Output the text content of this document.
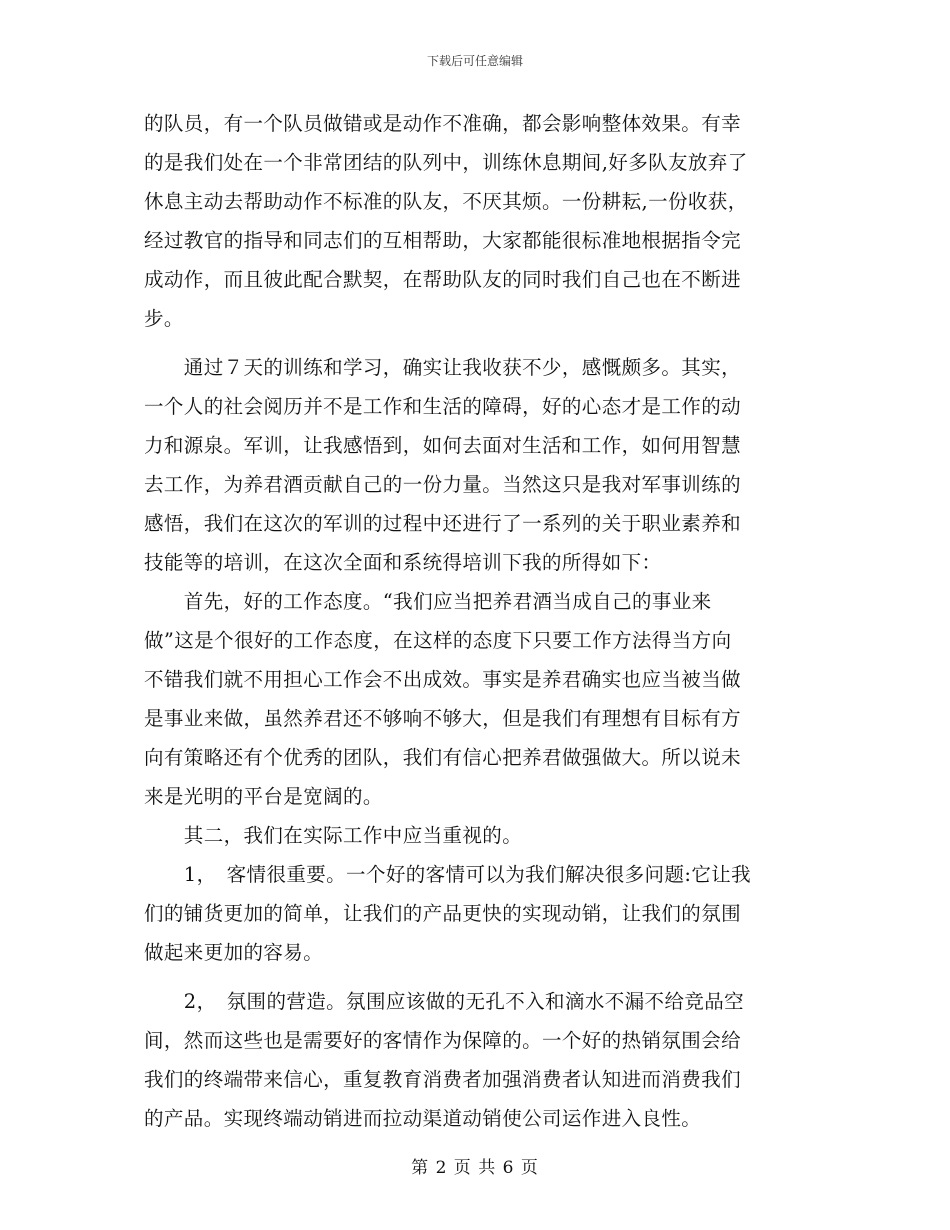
下载后可任意编辑
的队员，有一个队员做错或是动作不准确，都会影响整体效果。有幸
的是我们处在一个非常团结的队列中，训练休息期间,好多队友放弃了
休息主动去帮助动作不标准的队友，不厌其烦。一份耕耘,一份收获，
经过教官的指导和同志们的互相帮助，大家都能很标准地根据指令完
成动作，而且彼此配合默契，在帮助队友的同时我们自己也在不断进
步。
　　通过７天的训练和学习，确实让我收获不少，感慨颇多。其实，
一个人的社会阅历并不是工作和生活的障碍，好的心态才是工作的动
力和源泉。军训，让我感悟到，如何去面对生活和工作，如何用智慧
去工作，为养君酒贡献自己的一份力量。当然这只是我对军事训练的
感悟，我们在这次的军训的过程中还进行了一系列的关于职业素养和
技能等的培训，在这次全面和系统得培训下我的所得如下：
　　首先，好的工作态度。“我们应当把养君酒当成自己的事业来
做”这是个很好的工作态度，在这样的态度下只要工作方法得当方向
不错我们就不用担心工作会不出成效。事实是养君确实也应当被当做
是事业来做，虽然养君还不够响不够大，但是我们有理想有目标有方
向有策略还有个优秀的团队，我们有信心把养君做强做大。所以说未
来是光明的平台是宽阔的。
　　其二，我们在实际工作中应当重视的。
　　1，　客情很重要。一个好的客情可以为我们解决很多问题:它让我
们的铺货更加的简单，让我们的产品更快的实现动销，让我们的氛围
做起来更加的容易。
　　2，　氛围的营造。氛围应该做的无孔不入和滴水不漏不给竞品空
间，然而这些也是需要好的客情作为保障的。一个好的热销氛围会给
我们的终端带来信心，重复教育消费者加强消费者认知进而消费我们
的产品。实现终端动销进而拉动渠道动销使公司运作进入良性。
第 2 页 共 6 页
